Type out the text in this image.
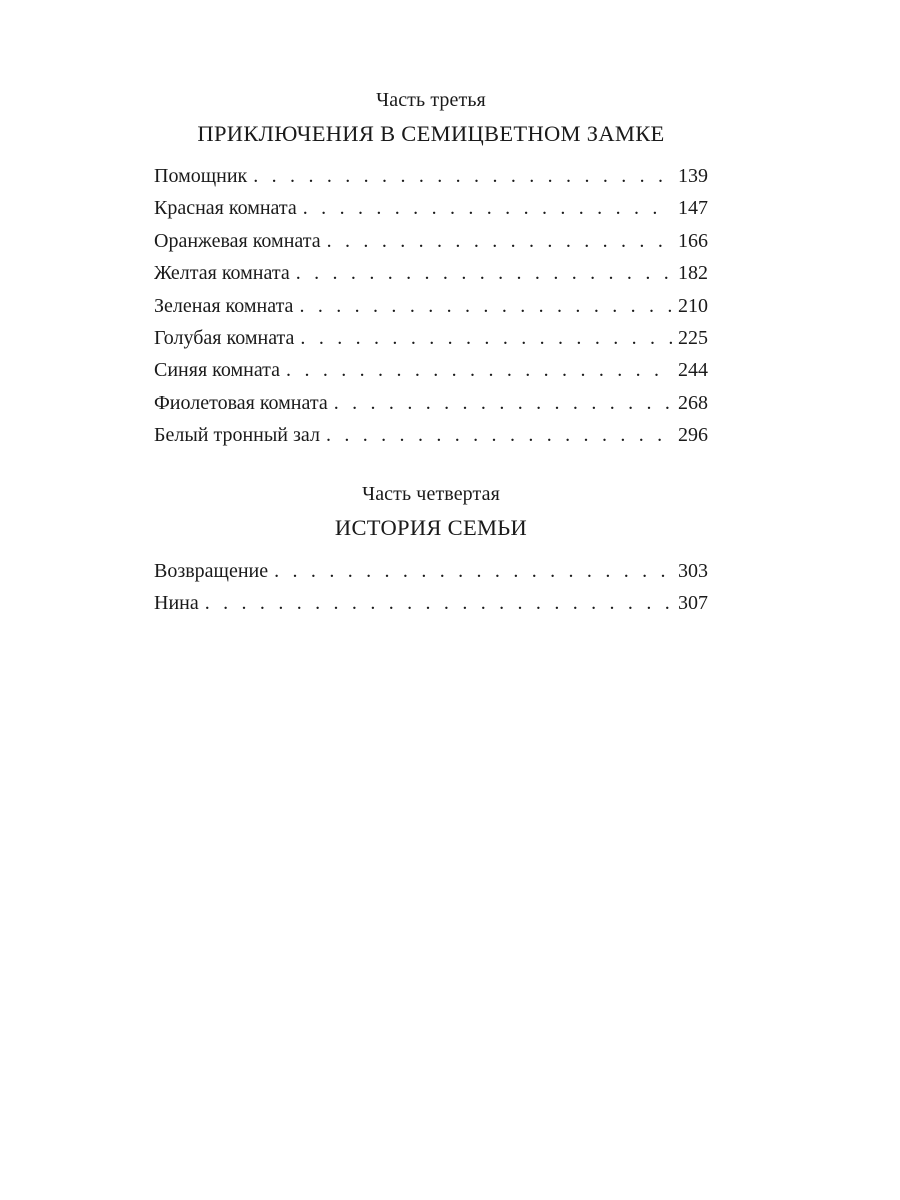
Часть третья
ПРИКЛЮЧЕНИЯ В СЕМИЦВЕТНОМ ЗАМКЕ
Помощник . . .	139
Красная комната . . .	147
Оранжевая комната . . .	166
Желтая комната . . .	182
Зеленая комната . . .	210
Голубая комната . . .	225
Синяя комната . . .	244
Фиолетовая комната . . .	268
Белый тронный зал . . .	296
Часть четвертая
ИСТОРИЯ СЕМЬИ
Возвращение . . .	303
Нина . . .	307
